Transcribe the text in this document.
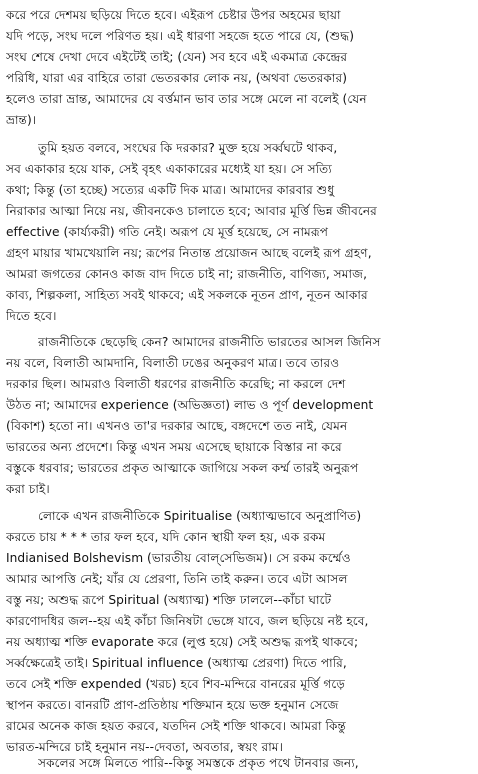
করে পরে দেশময় ছড়িয়ে দিতে হবে। এইরূপ চেষ্টার উপর অহমের ছায়া
যদি পড়ে, সংঘ দলে পরিণত হয়। এই ধারণা সহজে হতে পারে যে, (শুদ্ধ)
সংঘ শেষে দেখা দেবে এইটেই তাই; (যেন) সব হবে এই একমাত্র কেন্দ্রের
পরিধি, যারা এর বাহিরে তারা ভেতরকার লোক নয়, (অথবা ভেতরকার)
হলেও তারা ভ্রান্ত, আমাদের যে বর্ত্তমান ভাব তার সঙ্গে মেলে না বলেই (যেন
ভ্রান্ত)।
তুমি হয়ত বলবে, সংঘের কি দরকার? মুক্ত হয়ে সর্ব্বঘটে থাকব,
সব একাকার হয়ে যাক, সেই বৃহৎ একাকারের মধ্যেই যা হয়। সে সত্যি
কথা; কিন্তু (তা হচ্ছে) সত্যের একটি দিক মাত্র। আমাদের কারবার শুধু
নিরাকার আত্মা নিয়ে নয়, জীবনকেও চালাতে হবে; আবার মূর্ত্তি ভিন্ন জীবনের
effective (কার্য্যকরী) গতি নেই। অরূপ যে মূর্ত্ত হয়েছে, সে নামরূপ
গ্রহণ মায়ার খামখেয়ালি নয়; রূপের নিতান্ত প্রয়োজন আছে বলেই রূপ গ্রহণ,
আমরা জগতের কোনও কাজ বাদ দিতে চাই না; রাজনীতি, বাণিজ্য, সমাজ,
কাব্য, শিল্পকলা, সাহিত্য সবই থাকবে; এই সকলকে নূতন প্রাণ, নূতন আকার
দিতে হবে।
রাজনীতিকে ছেড়েছি কেন? আমাদের রাজনীতি ভারতের আসল জিনিস
নয় বলে, বিলাতী আমদানি, বিলাতী ঢঙের অনুকরণ মাত্র। তবে তারও
দরকার ছিল। আমরাও বিলাতী ধরণের রাজনীতি করেছি; না করলে দেশ
উঠত না; আমাদের experience (অভিজ্ঞতা) লাভ ও পূর্ণ development
(বিকাশ) হতো না। এখনও তা'র দরকার আছে, বঙ্গদেশে তত নাই, যেমন
ভারতের অন্য প্রদেশে। কিন্তু এখন সময় এসেছে ছায়াকে বিস্তার না করে
বস্তুকে ধরবার; ভারতের প্রকৃত আত্মাকে জাগিয়ে সকল কর্ম্ম তারই অনুরূপ
করা চাই।
লোকে এখন রাজনীতিকে Spiritualise (অধ্যাত্মভাবে অনুপ্রাণিত)
করতে চায় * * * তার ফল হবে, যদি কোন স্থায়ী ফল হয়, এক রকম
Indianised Bolshevism (ভারতীয় বোল্‌সেভিজম)। সে রকম কর্ম্মেও
আমার আপত্তি নেই; যাঁর যে প্রেরণা, তিনি তাই করুন। তবে এটা আসল
বস্তু নয়; অশুদ্ধ রূপে Spiritual (অধ্যাত্ম) শক্তি ঢাললে--কাঁচা ঘাটে
কারণোদধির জল--হয় এই কাঁচা জিনিষটা ভেঙ্গে যাবে, জল ছড়িয়ে নষ্ট হবে,
নয় অধ্যাত্ম শক্তি evaporate করে (লুপ্ত হয়ে) সেই অশুদ্ধ রূপই থাকবে;
সর্ব্বক্ষেত্রেই তাই। Spiritual influence (অধ্যাত্ম প্রেরণা) দিতে পারি,
তবে সেই শক্তি expended (খরচ) হবে শিব-মন্দিরে বানরের মূর্ত্তি গড়ে
স্থাপন করতে। বানরটি প্রাণ-প্রতিষ্ঠায় শক্তিমান হয়ে ভক্ত হনুমান সেজে
রামের অনেক কাজ হয়ত করবে, যতদিন সেই শক্তি থাকবে। আমরা কিন্তু
ভারত-মন্দিরে চাই হনুমান নয়--দেবতা, অবতার, স্বয়ং রাম।
সকলের সঙ্গে মিলতে পারি--কিন্তু সমস্তকে প্রকৃত পথে টানবার জন্য,
